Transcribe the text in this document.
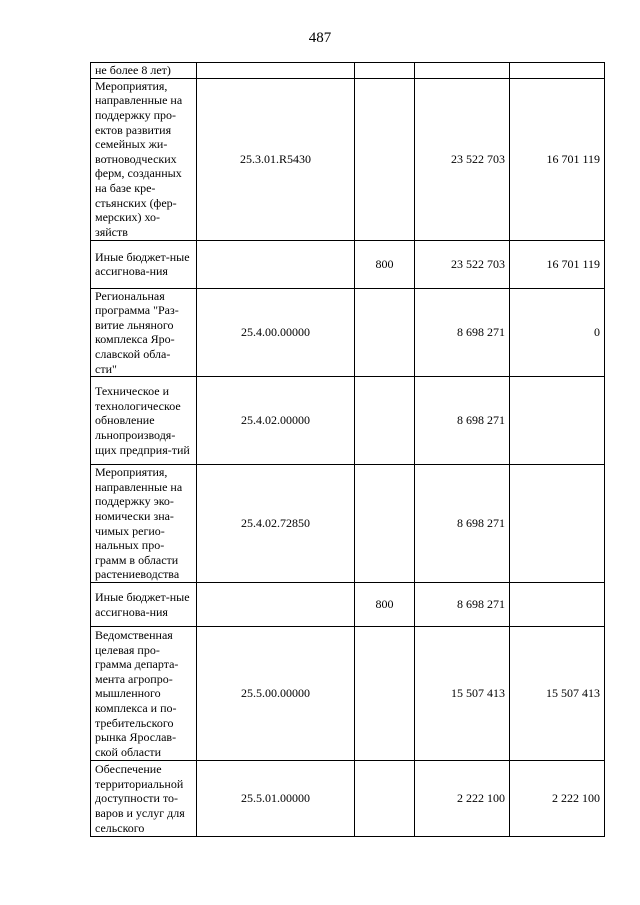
487
не более 8 лет)				
Мероприятия, направленные на поддержку про-ектов развития семейных жи-вотноводческих ферм, созданных на базе кре-стьянских (фер-мерских) хо-зяйств	25.3.01.R5430		23 522 703	16 701 119
Иные бюджет-ные ассигнова-ния		800	23 522 703	16 701 119
Региональная программа "Раз-витие льняного комплекса Яро-славской обла-сти"	25.4.00.00000		8 698 271	0
Техническое и технологическое обновление льнопроизводя-щих предприя-тий	25.4.02.00000		8 698 271	
Мероприятия, направленные на поддержку эко-номически зна-чимых регио-нальных про-грамм в области растениеводства	25.4.02.72850		8 698 271	
Иные бюджет-ные ассигнова-ния		800	8 698 271	
Ведомственная целевая про-грамма департа-мента агропро-мышленного комплекса и по-требительского рынка Ярослав-ской области	25.5.00.00000		15 507 413	15 507 413
Обеспечение территориальной доступности то-варов и услуг для сельского	25.5.01.00000		2 222 100	2 222 100
